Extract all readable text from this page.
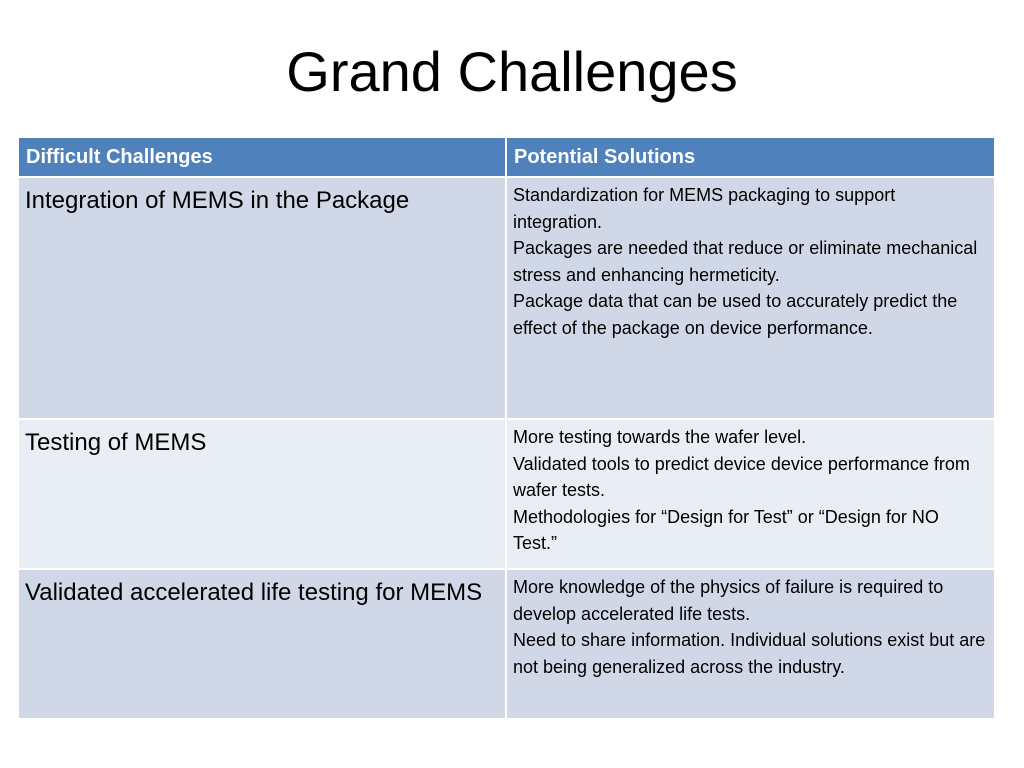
Grand Challenges
Difficult Challenges	Potential Solutions
Integration of MEMS in the Package	Standardization for MEMS packaging to support integration.
Packages are needed that reduce or eliminate mechanical stress and enhancing hermeticity.
Package data that can be used to accurately predict the effect of the package on device performance.

Testing of MEMS	More testing towards the wafer level.
Validated tools to predict device device performance from wafer tests.
Methodologies for “Design for Test” or “Design for NO Test.”

Validated accelerated life testing for MEMS	More knowledge of the physics of failure is required to develop accelerated life tests.
Need to share information. Individual solutions exist but are not being generalized across the industry.
